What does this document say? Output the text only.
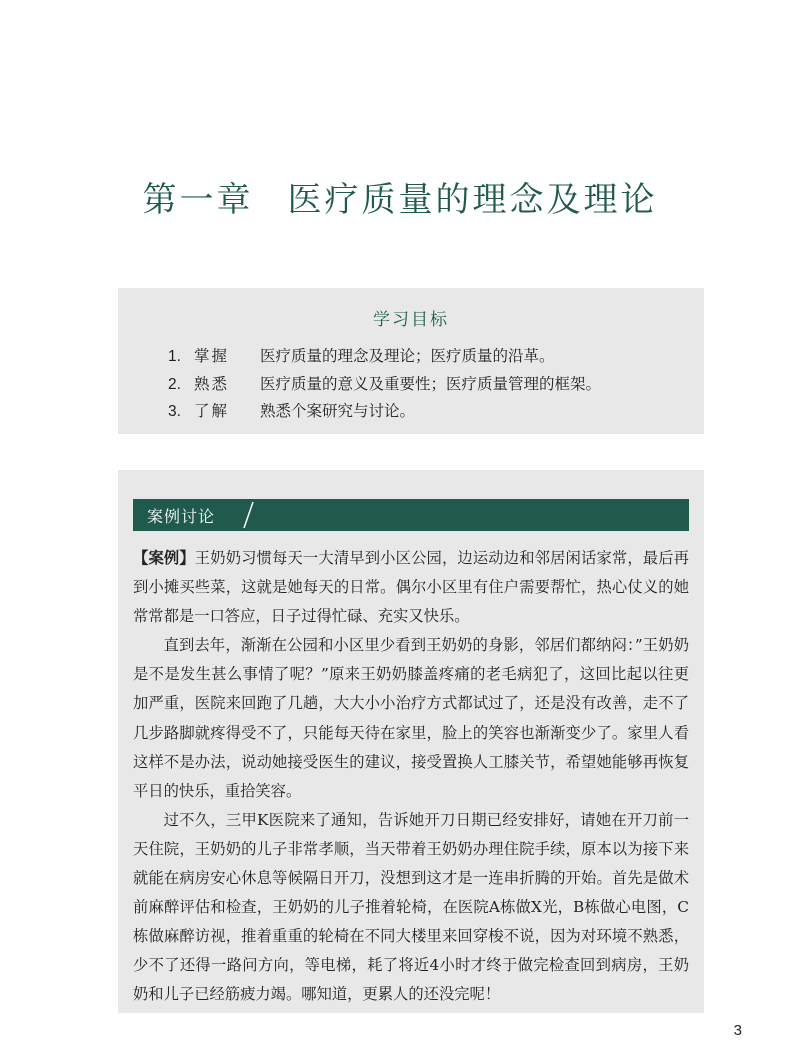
第一章 医疗质量的理念及理论
学习目标
1. 掌握 医疗质量的理念及理论；医疗质量的沿革。
2. 熟悉 医疗质量的意义及重要性；医疗质量管理的框架。
3. 了解 熟悉个案研究与讨论。
案例讨论

【案例】王奶奶习惯每天一大清早到小区公园，边运动边和邻居闲话家常，最后再到小摊买些菜，这就是她每天的日常。偶尔小区里有住户需要帮忙，热心仗义的她常常都是一口答应，日子过得忙碌、充实又快乐。

直到去年，渐渐在公园和小区里少看到王奶奶的身影，邻居们都纳闷：”王奶奶是不是发生甚么事情了呢？”原来王奶奶膝盖疼痛的老毛病犯了，这回比起以往更加严重，医院来回跑了几趟，大大小小治疗方式都试过了，还是没有改善，走不了几步路脚就疼得受不了，只能每天待在家里，脸上的笑容也渐渐变少了。家里人看这样不是办法，说动她接受医生的建议，接受置换人工膝关节，希望她能够再恢复平日的快乐，重拾笑容。

过不久，三甲K医院来了通知，告诉她开刀日期已经安排好，请她在开刀前一天住院，王奶奶的儿子非常孝顺，当天带着王奶奶办理住院手续，原本以为接下来就能在病房安心休息等候隔日开刀，没想到这才是一连串折腾的开始。首先是做术前麻醉评估和检查，王奶奶的儿子推着轮椅，在医院A栋做X光，B栋做心电图，C栋做麻醉访视，推着重重的轮椅在不同大楼里来回穿梭不说，因为对环境不熟悉，少不了还得一路问方向，等电梯，耗了将近4小时才终于做完检查回到病房，王奶奶和儿子已经筋疲力竭。哪知道，更累人的还没完呢！

3
